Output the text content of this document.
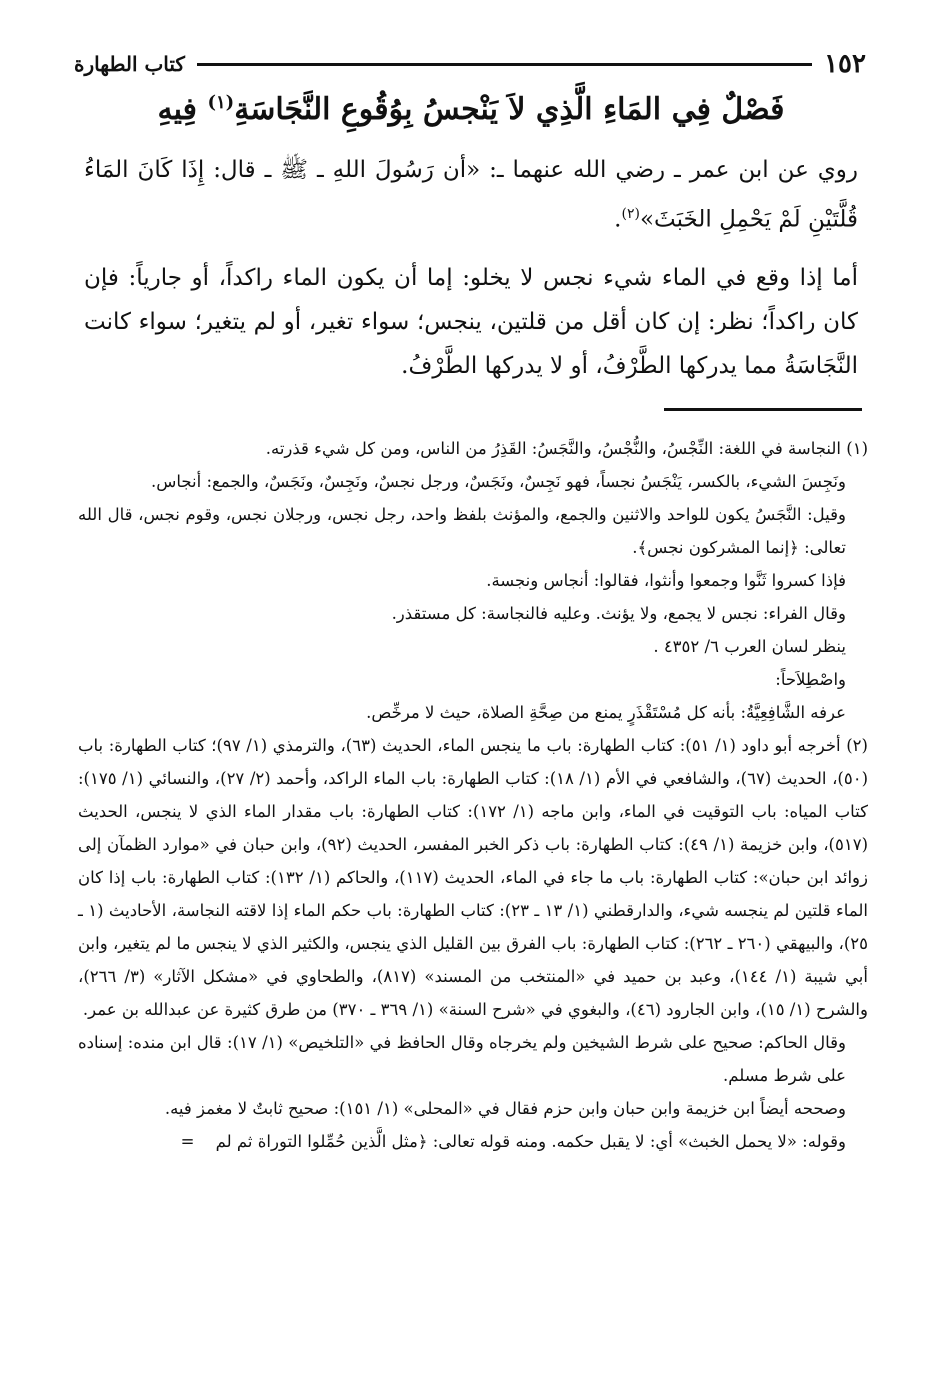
١٥٢
كتاب الطهارة
فَصْلٌ فِي المَاءِ الَّذِي لاَ يَنْجسُ بِوُقُوعِ النَّجَاسَةِ$^{(١)}$ فِيهِ

روي عن ابن عمر ـ رضي الله عنهما ـ: «أن رَسُولَ اللهِ ـ ﷺ ـ قال: إِذَا كَانَ المَاءُ قُلَّتَيْنِ لَمْ يَحْمِلِ الخَبَثَ»$^{(٢)}$.

أما إذا وقع في الماء شيء نجس لا يخلو: إما أن يكون الماء راكداً، أو جارياً: فإن كان راكداً؛ نظر: إن كان أقل من قلتين، ينجس؛ سواء تغير، أو لم يتغير؛ سواء كانت النَّجَاسَةُ مما يدركها الطَّرْفُ، أو لا يدركها الطَّرْفُ.

(١) النجاسة في اللغة: النِّجْسُ، والنُّجْسُ، والنَّجَسُ: القَذِرُ من الناس، ومن كل شيء قذرته.

ونَجِسَ الشيء، بالكسر، يَنْجَسُ نجساً، فهو نَجِسٌ، ونَجَسٌ، ورجل نجسٌ، ونَجِسٌ، ونَجَسٌ، والجمع: أنجاس.

وقيل: النَّجَسُ يكون للواحد والاثنين والجمع، والمؤنث بلفظ واحد، رجل نجس، ورجلان نجس، وقوم نجس، قال الله تعالى: ﴿إنما المشركون نجس﴾.

فإذا كسروا ثَنَّوا وجمعوا وأنثوا، فقالوا: أنجاس ونجسة.

وقال الفراء: نجس لا يجمع، ولا يؤنث. وعليه فالنجاسة: كل مستقذر.

ينظر لسان العرب ٦/ ٤٣٥٢ .

واصْطِلاَحاً:

عرفه الشَّافِعِيَّةُ: بأنه كل مُسْتَقْذَرٍ يمنع من صِحَّةِ الصلاة، حيث لا مرخِّص.

(٢) أخرجه أبو داود (١/ ٥١): كتاب الطهارة: باب ما ينجس الماء، الحديث (٦٣)، والترمذي (١/ ٩٧)؛ كتاب الطهارة: باب (٥٠)، الحديث (٦٧)، والشافعي في الأم (١/ ١٨): كتاب الطهارة: باب الماء الراكد، وأحمد (٢/ ٢٧)، والنسائي (١/ ١٧٥): كتاب المياه: باب التوقيت في الماء، وابن ماجه (١/ ١٧٢): كتاب الطهارة: باب مقدار الماء الذي لا ينجس، الحديث (٥١٧)، وابن خزيمة (١/ ٤٩): كتاب الطهارة: باب ذكر الخبر المفسر، الحديث (٩٢)، وابن حبان في «موارد الظمآن إلى زوائد ابن حبان»: كتاب الطهارة: باب ما جاء في الماء، الحديث (١١٧)، والحاكم (١/ ١٣٢): كتاب الطهارة: باب إذا كان الماء قلتين لم ينجسه شيء، والدارقطني (١/ ١٣ ـ ٢٣): كتاب الطهارة: باب حكم الماء إذا لاقته النجاسة، الأحاديث (١ ـ ٢٥)، والبيهقي (٢٦٠ ـ ٢٦٢): كتاب الطهارة: باب الفرق بين القليل الذي ينجس، والكثير الذي لا ينجس ما لم يتغير، وابن أبي شيبة (١/ ١٤٤)، وعبد بن حميد في «المنتخب من المسند» (٨١٧)، والطحاوي في «مشكل الآثار» (٣/ ٢٦٦)، والشرح (١/ ١٥)، وابن الجارود (٤٦)، والبغوي في «شرح السنة» (١/ ٣٦٩ ـ ٣٧٠) من طرق كثيرة عن عبدالله بن عمر.

وقال الحاكم: صحيح على شرط الشيخين ولم يخرجاه وقال الحافظ في «التلخيص» (١/ ١٧): قال ابن منده: إسناده على شرط مسلم.

وصححه أيضاً ابن خزيمة وابن حبان وابن حزم فقال في «المحلى» (١/ ١٥١): صحيح ثابتٌ لا مغمز فيه.

وقوله: «لا يحمل الخبث» أي: لا يقبل حكمه. ومنه قوله تعالى: ﴿مثل الَّذين حُمِّلوا التوراة ثم لم =
